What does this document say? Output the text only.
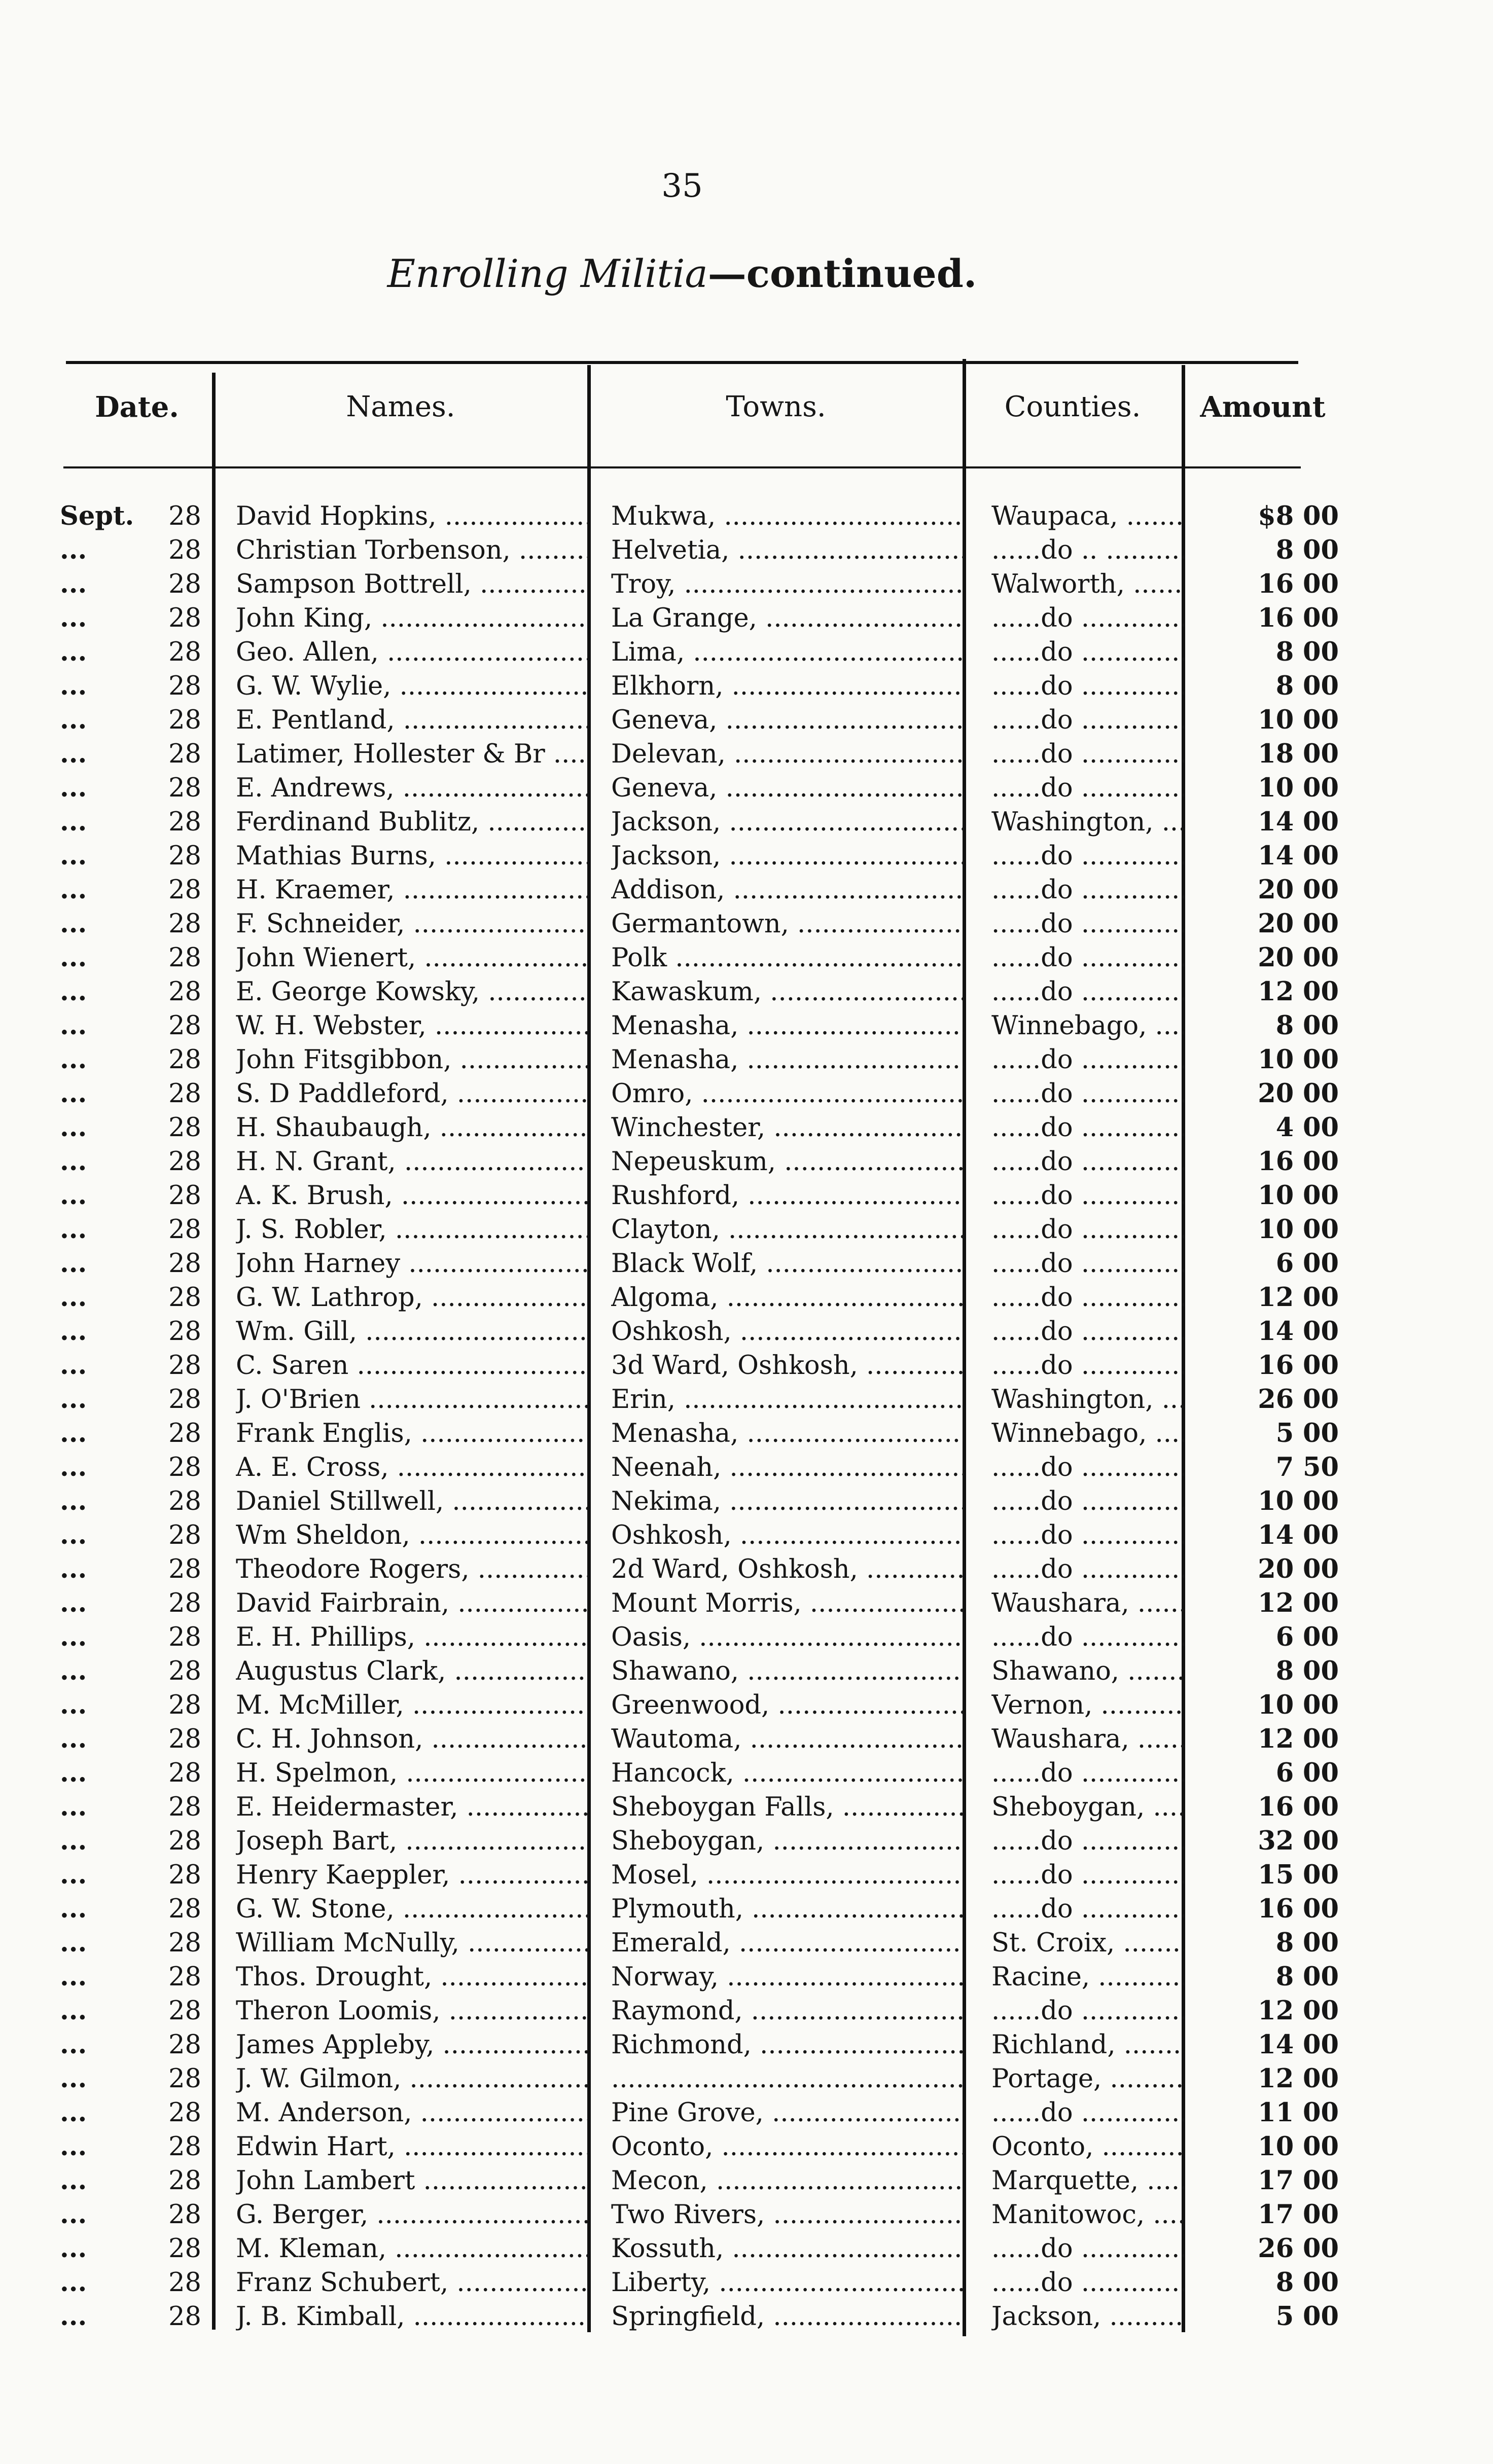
35
Enrolling Militia—continued.
Date.	Names.	Towns.	Counties.	Amount
Sept.	28 David Hopkins, .....	Mukwa, .....	Waupaca, .....	$8 00
...	28 Christian Torbenson, .....	Helvetia, .....	......do .. .....	8 00
...	28 Sampson Bottrell, .....	Troy, .....	Walworth, .....	16 00
...	28 John King, .....	La Grange, .....	......do .....	16 00
...	28 Geo. Allen, .....	Lima, .....	......do .....	8 00
...	28 G. W. Wylie, .....	Elkhorn, .....	......do .....	8 00
...	28 E. Pentland, .....	Geneva, .....	......do .....	10 00
...	28 Latimer, Hollester & Br .....	Delevan, .....	......do .....	18 00
...	28 E. Andrews, .....	Geneva, .....	......do .....	10 00
...	28 Ferdinand Bublitz, .....	Jackson, .....	Washington, .....	14 00
...	28 Mathias Burns, .....	Jackson, .....	......do .....	14 00
...	28 H. Kraemer, .....	Addison, .....	......do .....	20 00
...	28 F. Schneider, .....	Germantown, .....	......do .....	20 00
...	28 John Wienert, .....	Polk .....	......do .....	20 00
...	28 E. George Kowsky, .....	Kawaskum, .....	......do .....	12 00
...	28 W. H. Webster, .....	Menasha, .....	Winnebago, .....	8 00
...	28 John Fitsgibbon, .....	Menasha, .....	......do .....	10 00
...	28 S. D Paddleford, .....	Omro, .....	......do .....	20 00
...	28 H. Shaubaugh, .....	Winchester, .....	......do .....	4 00
...	28 H. N. Grant, .....	Nepeuskum, .....	......do .....	16 00
...	28 A. K. Brush, .....	Rushford, .....	......do .....	10 00
...	28 J. S. Robler, .....	Clayton, .....	......do .....	10 00
...	28 John Harney .....	Black Wolf, .....	......do .....	6 00
...	28 G. W. Lathrop, .....	Algoma, .....	......do .....	12 00
...	28 Wm. Gill, .....	Oshkosh, .....	......do .....	14 00
...	28 C. Saren .....	3d Ward, Oshkosh, .....	......do .....	16 00
...	28 J. O'Brien .....	Erin, .....	Washington, .....	26 00
...	28 Frank Englis, .....	Menasha, .....	Winnebago, .....	5 00
...	28 A. E. Cross, .....	Neenah, .....	......do .....	7 50
...	28 Daniel Stillwell, .....	Nekima, .....	......do .....	10 00
...	28 Wm Sheldon, .....	Oshkosh, .....	......do .....	14 00
...	28 Theodore Rogers, .....	2d Ward, Oshkosh, .....	......do .....	20 00
...	28 David Fairbrain, .....	Mount Morris, .....	Waushara, .....	12 00
...	28 E. H. Phillips, .....	Oasis, .....	......do .....	6 00
...	28 Augustus Clark, .....	Shawano, .....	Shawano, .....	8 00
...	28 M. McMiller, .....	Greenwood, .....	Vernon, .....	10 00
...	28 C. H. Johnson, .....	Wautoma, .....	Waushara, .....	12 00
...	28 H. Spelmon, .....	Hancock, .....	......do .....	6 00
...	28 E. Heidermaster, .....	Sheboygan Falls, .....	Sheboygan, .....	16 00
...	28 Joseph Bart, .....	Sheboygan, .....	......do .....	32 00
...	28 Henry Kaeppler, .....	Mosel, .....	......do .....	15 00
...	28 G. W. Stone, .....	Plymouth, .....	......do .....	16 00
...	28 William McNully, .....	Emerald, .....	St. Croix, .....	8 00
...	28 Thos. Drought, .....	Norway, .....	Racine, .....	8 00
...	28 Theron Loomis, .....	Raymond, .....	......do .....	12 00
...	28 James Appleby, .....	Richmond, .....	Richland, .....	14 00
...	28 J. W. Gilmon, .....
.....	Portage, .....	12 00
...	28 M. Anderson, .....	Pine Grove, .....	......do .....	11 00
...	28 Edwin Hart, .....	Oconto, .....	Oconto, .....	10 00
...	28 John Lambert .....	Mecon, .....	Marquette, .....	17 00
...	28 G. Berger, .....	Two Rivers, .....	Manitowoc, .....	17 00
...	28 M. Kleman, .....	Kossuth, .....	......do .....	26 00
...	28 Franz Schubert, .....	Liberty, .....	......do .....	8 00
...	28 J. B. Kimball, .....	Springfield, .....	Jackson, .....	5 00
